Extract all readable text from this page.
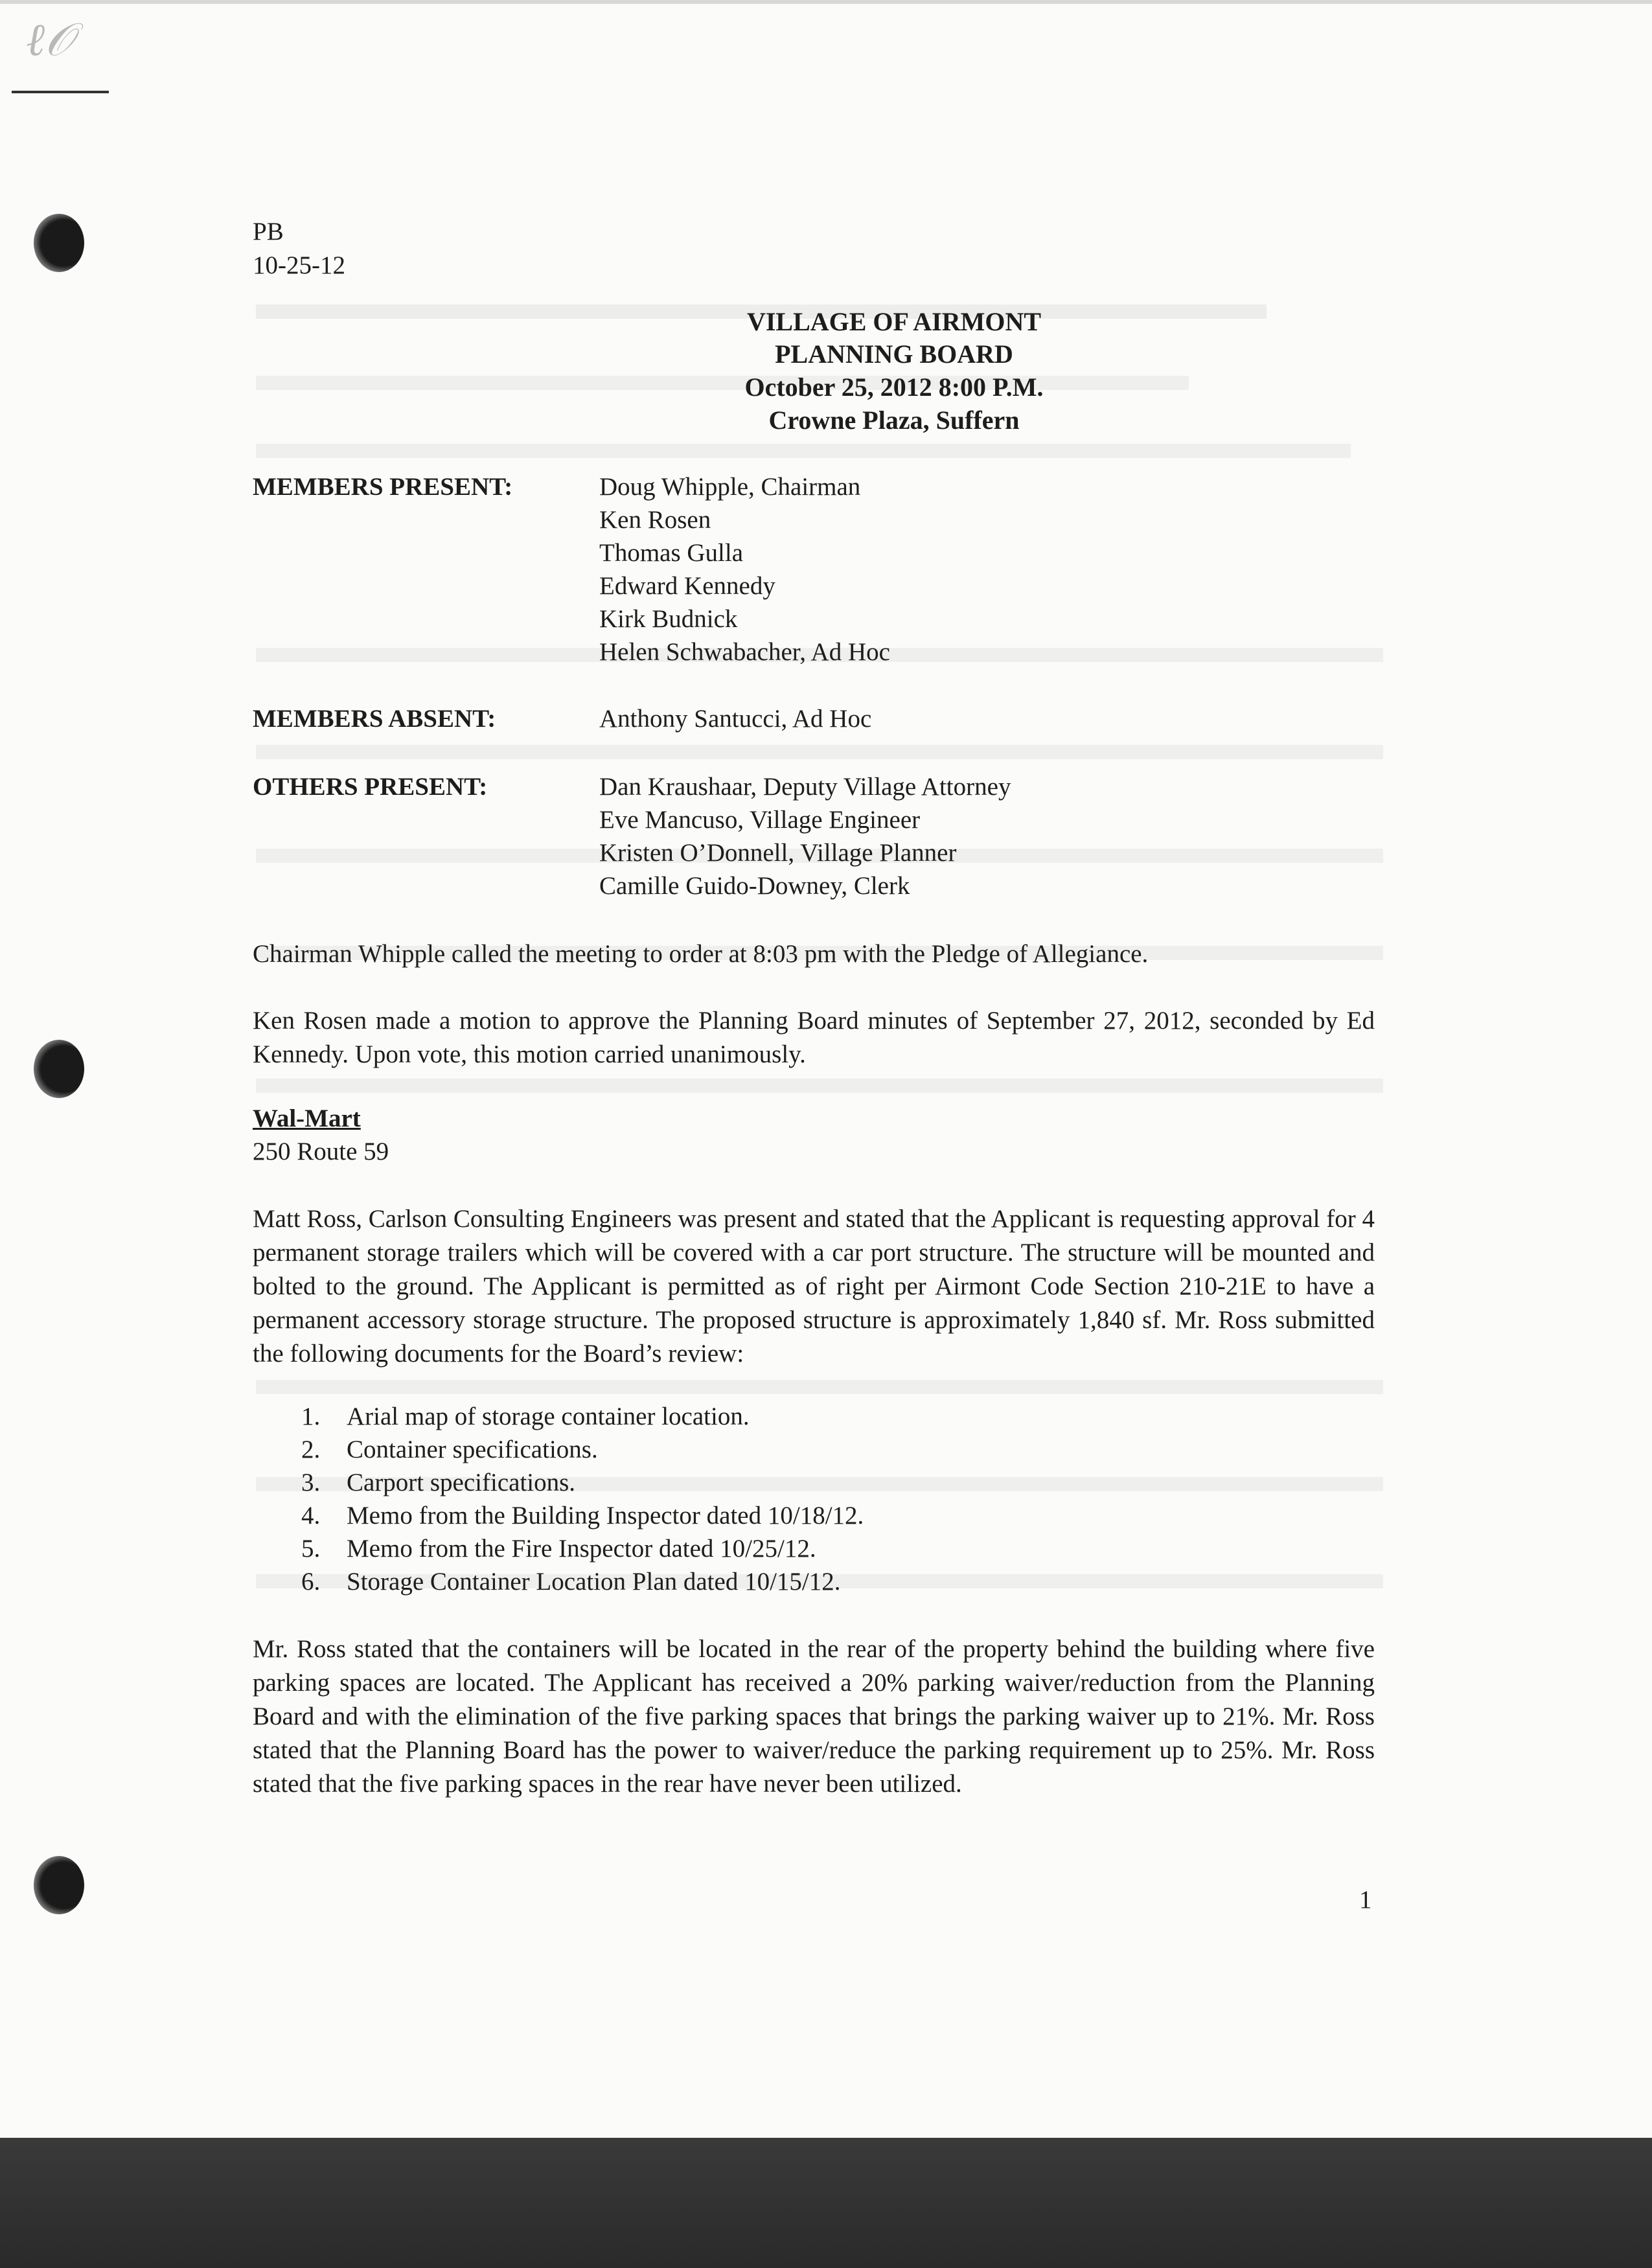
ℓ𝒪
PB
10-25-12
VILLAGE OF AIRMONT
PLANNING BOARD
October 25, 2012 8:00 P.M.
Crowne Plaza, Suffern
MEMBERS PRESENT:	Doug Whipple, Chairman
Ken Rosen
Thomas Gulla
Edward Kennedy
Kirk Budnick
Helen Schwabacher, Ad Hoc
MEMBERS ABSENT:	Anthony Santucci, Ad Hoc
OTHERS PRESENT:	Dan Kraushaar, Deputy Village Attorney
Eve Mancuso, Village Engineer
Kristen O’Donnell, Village Planner
Camille Guido-Downey, Clerk
Chairman Whipple called the meeting to order at 8:03 pm with the Pledge of Allegiance.
Ken Rosen made a motion to approve the Planning Board minutes of September 27, 2012, seconded by Ed Kennedy. Upon vote, this motion carried unanimously.
Wal-Mart
250 Route 59
Matt Ross, Carlson Consulting Engineers was present and stated that the Applicant is requesting approval for 4 permanent storage trailers which will be covered with a car port structure. The structure will be mounted and bolted to the ground. The Applicant is permitted as of right per Airmont Code Section 210-21E to have a permanent accessory storage structure. The proposed structure is approximately 1,840 sf. Mr. Ross submitted the following documents for the Board’s review:
1. Arial map of storage container location.
2. Container specifications.
3. Carport specifications.
4. Memo from the Building Inspector dated 10/18/12.
5. Memo from the Fire Inspector dated 10/25/12.
6. Storage Container Location Plan dated 10/15/12.
Mr. Ross stated that the containers will be located in the rear of the property behind the building where five parking spaces are located. The Applicant has received a 20% parking waiver/reduction from the Planning Board and with the elimination of the five parking spaces that brings the parking waiver up to 21%. Mr. Ross stated that the Planning Board has the power to waiver/reduce the parking requirement up to 25%. Mr. Ross stated that the five parking spaces in the rear have never been utilized.
1
